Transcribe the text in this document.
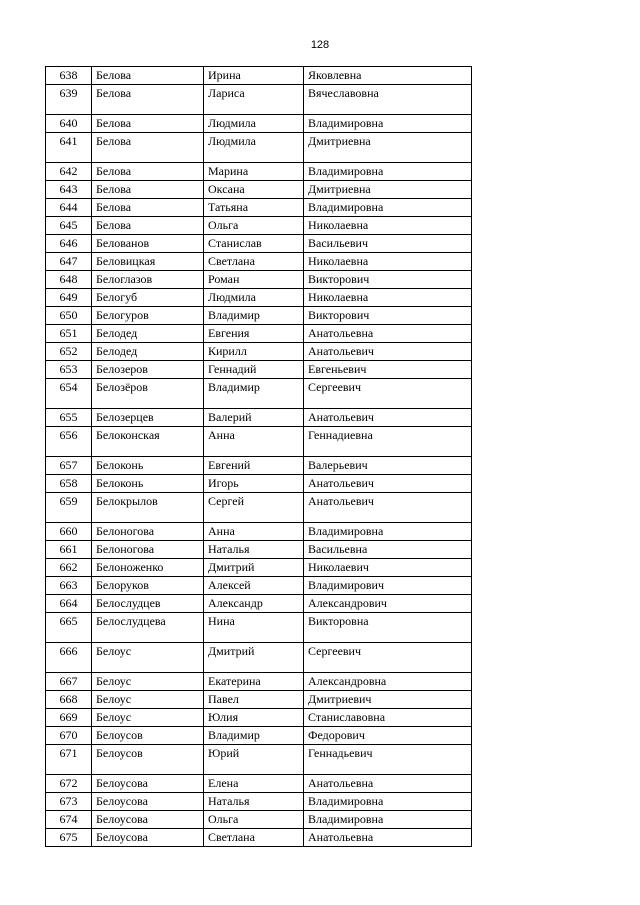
128
638	Белова	Ирина	Яковлевна
639	Белова	Лариса	Вячеславовна
640	Белова	Людмила	Владимировна
641	Белова	Людмила	Дмитриевна
642	Белова	Марина	Владимировна
643	Белова	Оксана	Дмитриевна
644	Белова	Татьяна	Владимировна
645	Белова	Ольга	Николаевна
646	Белованов	Станислав	Васильевич
647	Беловицкая	Светлана	Николаевна
648	Белоглазов	Роман	Викторович
649	Белогуб	Людмила	Николаевна
650	Белогуров	Владимир	Викторович
651	Белодед	Евгения	Анатольевна
652	Белодед	Кирилл	Анатольевич
653	Белозеров	Геннадий	Евгеньевич
654	Белозёров	Владимир	Сергеевич
655	Белозерцев	Валерий	Анатольевич
656	Белоконская	Анна	Геннадиевна
657	Белоконь	Евгений	Валерьевич
658	Белоконь	Игорь	Анатольевич
659	Белокрылов	Сергей	Анатольевич
660	Белоногова	Анна	Владимировна
661	Белоногова	Наталья	Васильевна
662	Белоноженко	Дмитрий	Николаевич
663	Белоруков	Алексей	Владимирович
664	Белослудцев	Александр	Александрович
665	Белослудцева	Нина	Викторовна
666	Белоус	Дмитрий	Сергеевич
667	Белоус	Екатерина	Александровна
668	Белоус	Павел	Дмитриевич
669	Белоус	Юлия	Станиславовна
670	Белоусов	Владимир	Федорович
671	Белоусов	Юрий	Геннадьевич
672	Белоусова	Елена	Анатольевна
673	Белоусова	Наталья	Владимировна
674	Белоусова	Ольга	Владимировна
675	Белоусова	Светлана	Анатольевна
